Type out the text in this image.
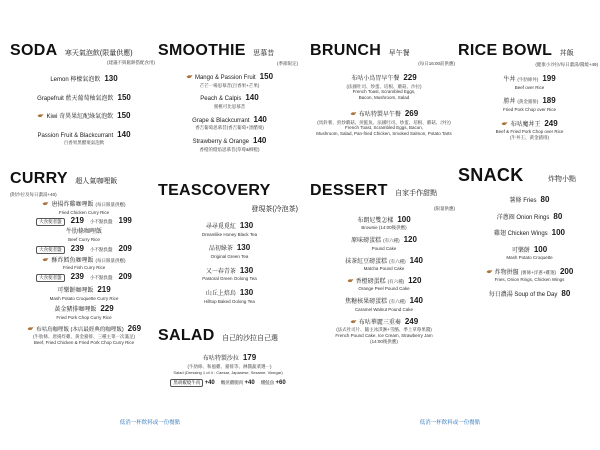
SODA 寒天氣泡飲(限量供應)
(建議不與鬆餅搭配食用)
Lemon 檸檬氣泡飲 130
Grapefruit 藍天葡萄柚氣泡飲 150
Kiwi 奇異果紅配綠氣泡飲 150
Passion Fruit & Blackcurrant 140
百香果黑醋栗氣泡飲
SMOOTHIE 思慕昔
(季節限定)
Mango & Passion Fruit 150
芒芒一場思慕昔(百香果+芒果)
Peach & Calpis 140
蜜桃可比思慕昔
Grape & Blackcurrant 140
香吉葡萄思慕昔(香吉葡萄+黑醋栗)
Strawberry & Orange 140
香橙的燈焰思慕昔(草莓&柳橙)
CURRY 超人氣咖哩飯
(附沙拉及每日濃湯+40)
唐揚炸雞咖哩飯 (每日限量供應)
Fried Chicken Curry Rice
大食使者盤	219 小不點負盤 199
牛肋條咖哩飯
Beef Curry Rice
大食使者盤	239 小不點負盤 209
酥炸鱈魚咖哩飯 (每日限量供應)
Fried Fish Curry Rice
大食使者盤	239 小不點負盤 209
可樂餅咖哩飯 219
Mash Potato Croquette Curry Rice
黃金豬排咖哩飯 229
Fried Pork Chop Curry Rice
布咕鳥咖哩飯 (本店最經典的咖哩飯) 269
(牛肋條、唐揚炸雞、黃金豬排、三種主菜一次滿足)
Beef, Fried Chicken & Fried Pork Chop Curry Rice
TEASCOVERY
發現茶(冷泡茶)
尋尋覓覓紅 130
Dreamlike Honey Black Tea
品初綠茶 130
Original Green Tea
又一春青茶 130
Pastoral Green Oolong Tea
山丘上焙烏 130
Hilltop Baked Oolong Tea
SALAD 自己的沙拉自己選
布咕特製沙拉 179
(牛肋條、和風雞、豬排等、淋醬蔬菜選一)
Salad (Dressing 1 of 4 : Caesar, Japanese, Sesame, Vinegar)
黑胡椒燒牛肉 +40 嫩煎雞腿肉 +40 燻鮭魚 +60
低消一杯飲料或一份餐點
BRUNCH 早午餐
(每日16:00前供應)
布咕小鳥胃早午餐 229
(法國吐司、炒蛋、培根、蘑菇、沙拉)
French Toast, Scrambled Eggs,
Bacon, Mushroom, Salad
布咕特製早午餐 269
(馬鈴薯、煎炒蘑菇、煎鮭魚、法國吐司、炒蛋、培根、蘑菇、沙拉)
French Toast, Scrambled Eggs, Bacon,
Mushroom, Salad, Pan-fried Chicken, Smoked Salmon, Potato Tarts
RICE BOWL 丼飯
(健康小沙拉/每日濃湯/醬燒+49)
牛丼 (牛肋條丼) 199
Beef over Rice
勝丼 (黃金豬排) 189
Fried Pork Chop over Rice
布咕魔丼王 249
Beef & Fried Pork Chop over Rice
(牛丼王、黃金豬排)
DESSERT 自家手作甜點
(限量供應)
布朗尼雙怎樣 100
Brownie (14:00後供應)
原味磅蛋糕 (有六種) 120
Pound Cake
抹茶紅豆磅蛋糕 (有六種) 140
Matcha Pound Cake
香橙磅蛋糕 (有六種) 120
Orange Peel Pound Cake
焦糖核果磅蛋糕 (有六種) 140
Caramel Walnut Pound Cake
布咕華麗三重奏 249
(法式吐司片、隨主冰淇淋+雪酪、季上草莓果醬)
French Pound Cake, Ice Cream, Strawberry Jam
(14:00後供應)
SNACK	炸物小點
薯條 Fries 80
洋蔥圈 Onion Rings 80
雞翅 Chicken Wings 100
可樂餅 100
Mash Potato Croquette
炸物拼盤 (薯條+洋蔥+雞翅) 200
Fries, Onion Rings, Chicken Wings
每日濃湯 Soup of the Day 80
低消一杯飲料或一份餐點
